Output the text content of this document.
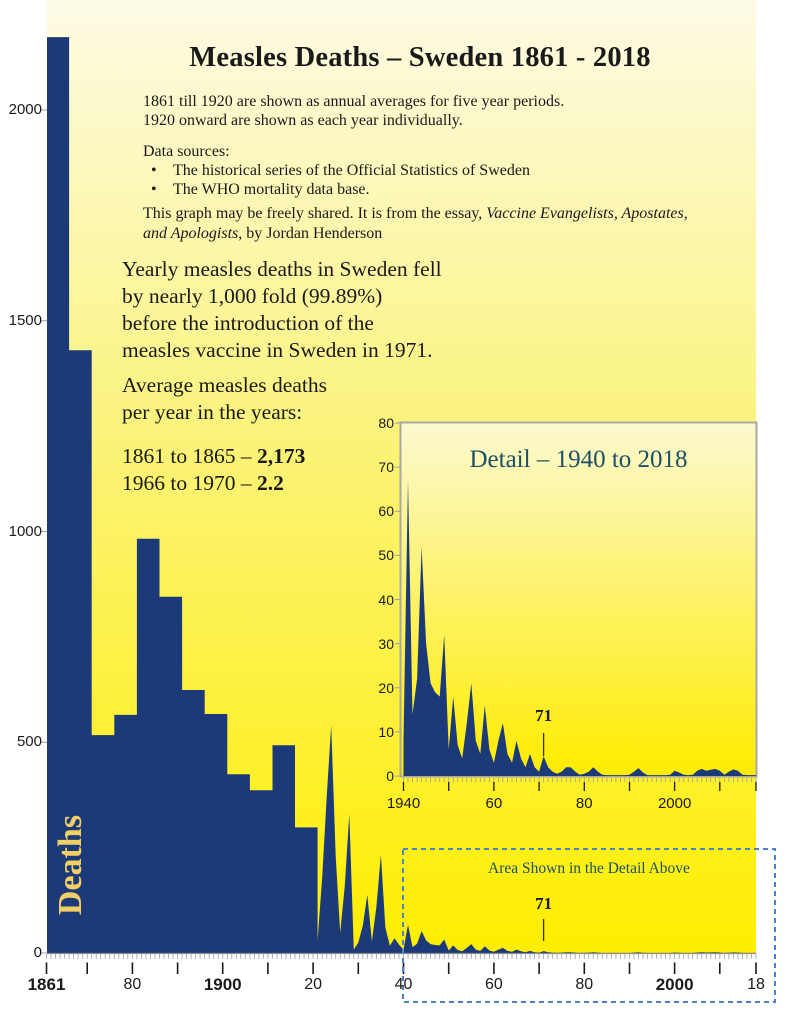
Measles Deaths – Sweden 1861 - 2018
1861 till 1920 are shown as annual averages for five year periods.
1920 onward are shown as each year individually.
Data sources:
• The historical series of the Official Statistics of Sweden
• The WHO mortality data base.
This graph may be freely shared. It is from the essay, Vaccine Evangelists, Apostates, and Apologists, by Jordan Henderson
Yearly measles deaths in Sweden fell
by nearly 1,000 fold (99.89%)
before the introduction of the
measles vaccine in Sweden in 1971.
Average measles deaths
per year in the years:
1861 to 1865 – 2,173
1966 to 1970 – 2.2
Deaths
Detail – 1940 to 2018
Area Shown in the Detail Above
0
500
1000
1500
2000
1861	80	1900	20	40	60	80	2000	18
0
10
20
30
40
50
60
70
80
1940	60	80	2000
71
71
